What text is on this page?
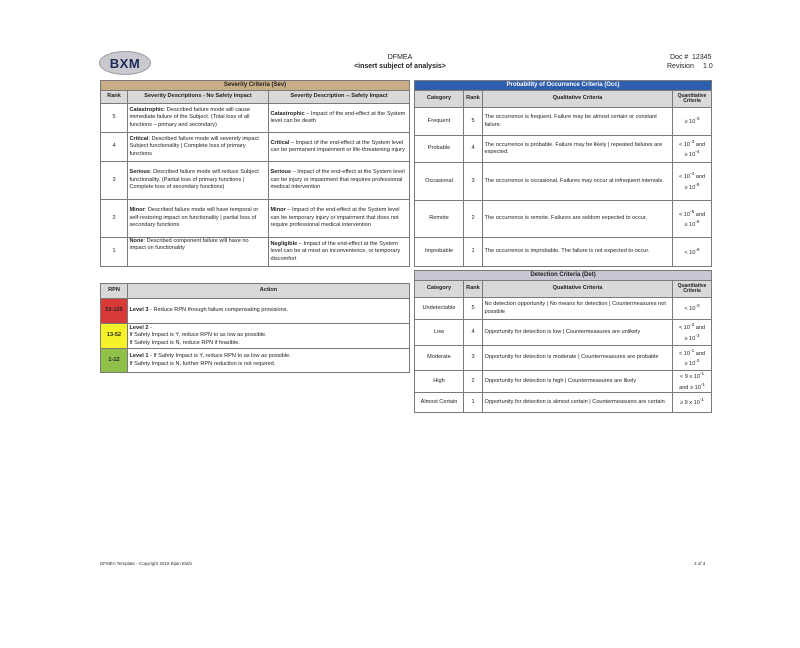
BXM	DFMEA
<insert subject of analysis>
Doc # 12345
Revision	1.0
Severity Criteria (Sev)		
Rank	Severity Descriptions - No Safety Impact	Severity Description -- Safety Impact
5	Catastrophic: Described failure mode will cause immediate failure of the Subject. (Total loss of all functions – primary and secondary)	Catastrophic – Impact of the end-effect at the System level can be death
4	Critical: Described failure mode will severely impact Subject functionality | Complete loss of primary functions	Critical – Impact of the end-effect at the System level can be permanent impairment or life-threatening injury
3	Serious: Described failure mode will reduce Subject functionality. (Partial loss of primary functions | Complete loss of secondary functions)	Serious – Impact of the end-effect at the System level can be injury or impairment that requires professional medical intervention
2	Minor: Described failure mode will have temporal or self-restoring impact on functionality | partial loss of secondary functions	Minor – Impact of the end-effect at the System level can be temporary injury or impairment that does not require professional medical intervention
1	None: Described component failure will have no impact on functionality	Negligible – Impact of the end-effect at the System level can be at most an inconvenience, or temporary discomfort
RPN	Action
53-125	Level 3 - Reduce RPN through failure compensating provisions.
13-52	Level 2 -
If Safety Impact is Y, reduce RPN to as low as possible.
If Safety Impact is N, reduce RPN if feasible.
1-12	Level 1 - If Safety Impact is Y, reduce RPN to as low as possible.
If Safety Impact is N, further RPN reduction is not required.
Probability of Occurrence Criteria (Occ)			
Category	Rank	Qualitative Criteria	Quantitative Criteria
Frequent	5	The occurrence is frequent. Failure may be almost certain or constant failure.	≥ $10^{-3}$
Probable	4	The occurrence is probable. Failure may be likely | repeated failures are expected.	< $10^{-3}$ and
≥ $10^{-4}$
Occasional	3	The occurrence is occasional. Failures may occur at infrequent intervals.	< $10^{-4}$ and
≥ $10^{-5}$
Remote	2	The occurrence is remote. Failures are seldom expected to occur.	< $10^{-5}$ and
≥ $10^{-6}$
Improbable	1	The occurrence is improbable. The failure is not expected to occur.	< $10^{-6}$
Detection Criteria (Det)			
Category	Rank	Qualitative Criteria	Quantitative Criteria
Undetectable	5	No detection opportunity | No means for detection | Countermeasures not possible	< $10^{-3}$
Low	4	Opportunity for detection is low | Countermeasures are unlikely	< $10^{-2}$ and
≥ $10^{-3}$
Moderate	3	Opportunity for detection is moderate | Countermeasures are probable	< $10^{-1}$ and
≥ $10^{-2}$
High	2	Opportunity for detection is high | Countermeasures are likely	< 9 x $10^{-1}$
and ≥ $10^{-1}$
Almost Certain	1	Opportunity for detection is almost certain | Countermeasures are certain	≥ 9 x $10^{-1}$
DFMEA Template - Copyright 2018 Bijan Elahi	3 of 3
